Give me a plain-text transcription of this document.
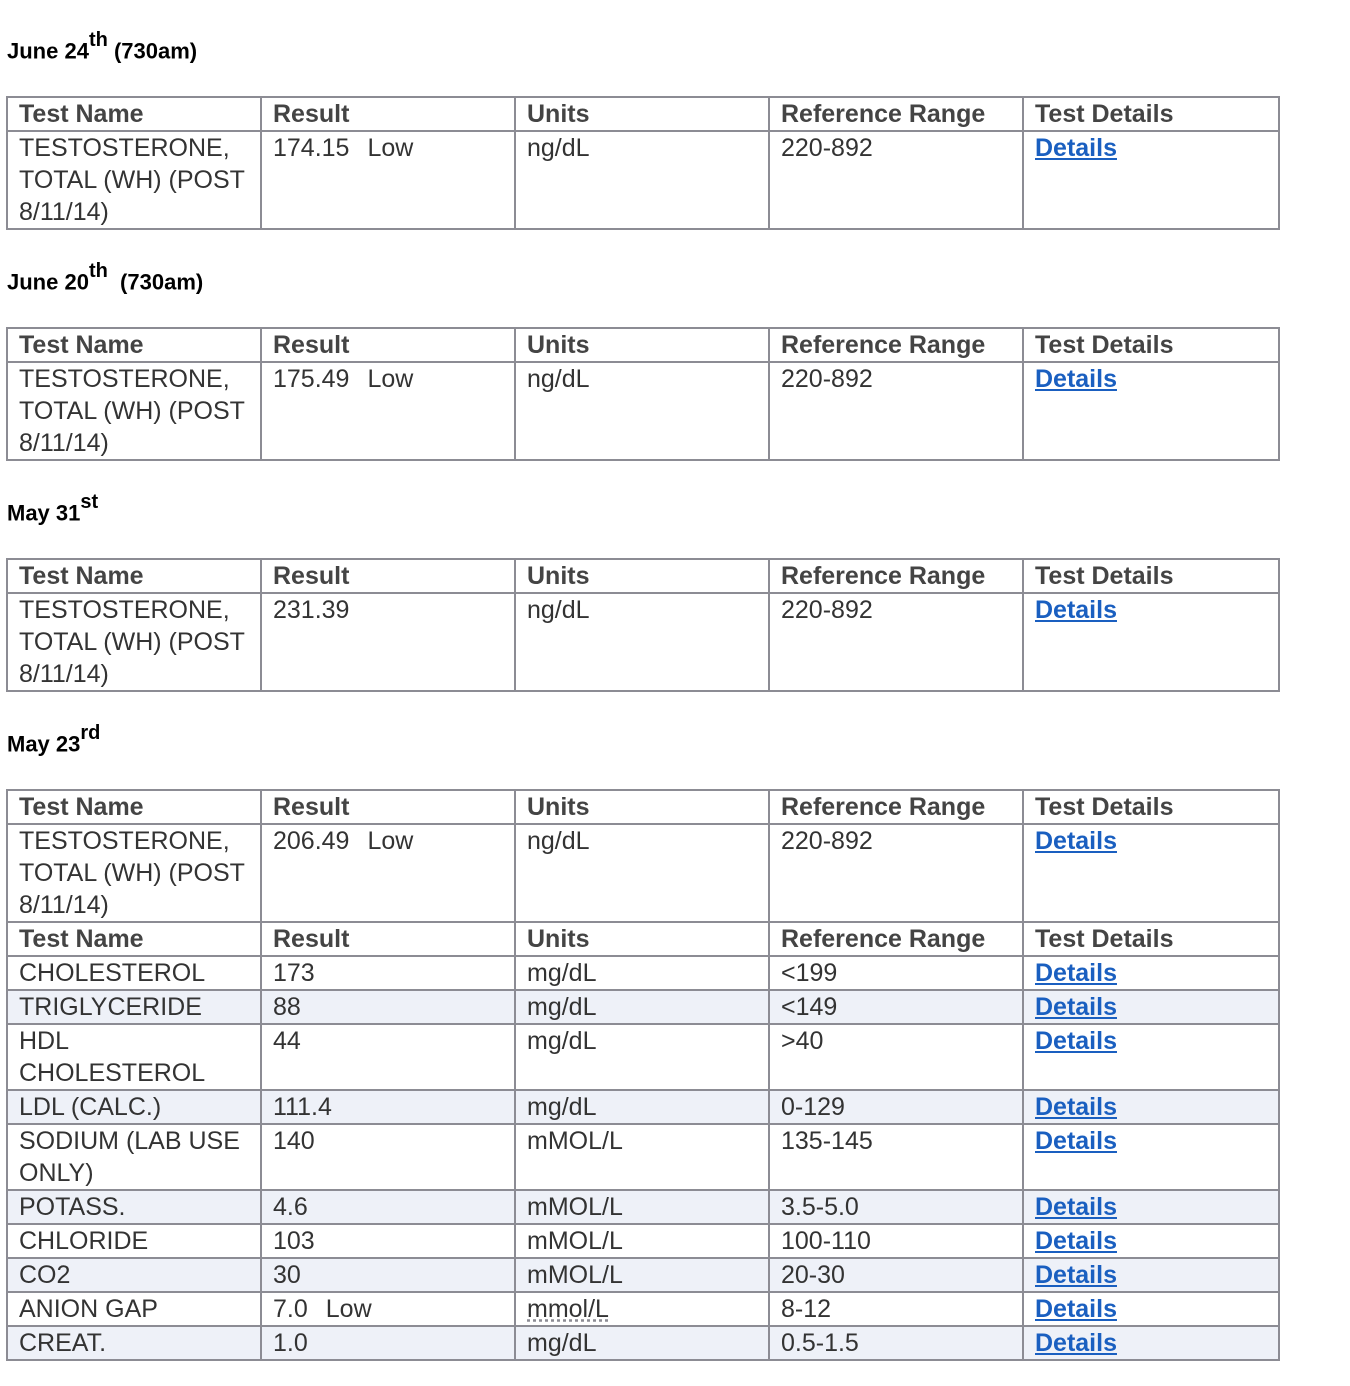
June 24th (730am)
Test Name	Result	Units	Reference Range	Test Details
TESTOSTERONE, TOTAL (WH) (POST 8/11/14)	174.15 Low	ng/dL	220-892	Details
June 20th  (730am)
Test Name	Result	Units	Reference Range	Test Details
TESTOSTERONE, TOTAL (WH) (POST 8/11/14)	175.49 Low	ng/dL	220-892	Details
May 31st
Test Name	Result	Units	Reference Range	Test Details
TESTOSTERONE, TOTAL (WH) (POST 8/11/14)	231.39	ng/dL	220-892	Details
May 23rd
Test Name	Result	Units	Reference Range	Test Details
TESTOSTERONE, TOTAL (WH) (POST 8/11/14)	206.49 Low	ng/dL	220-892	Details
Test Name	Result	Units	Reference Range	Test Details
CHOLESTEROL	173	mg/dL	<199	Details
TRIGLYCERIDE	88	mg/dL	<149	Details
HDL CHOLESTEROL	44	mg/dL	>40	Details
LDL (CALC.)	111.4	mg/dL	0-129	Details
SODIUM (LAB USE ONLY)	140	mMOL/L	135-145	Details
POTASS.	4.6	mMOL/L	3.5-5.0	Details
CHLORIDE	103	mMOL/L	100-110	Details
CO2	30	mMOL/L	20-30	Details
ANION GAP	7.0 Low	mmol/L	8-12	Details
CREAT.	1.0	mg/dL	0.5-1.5	Details
